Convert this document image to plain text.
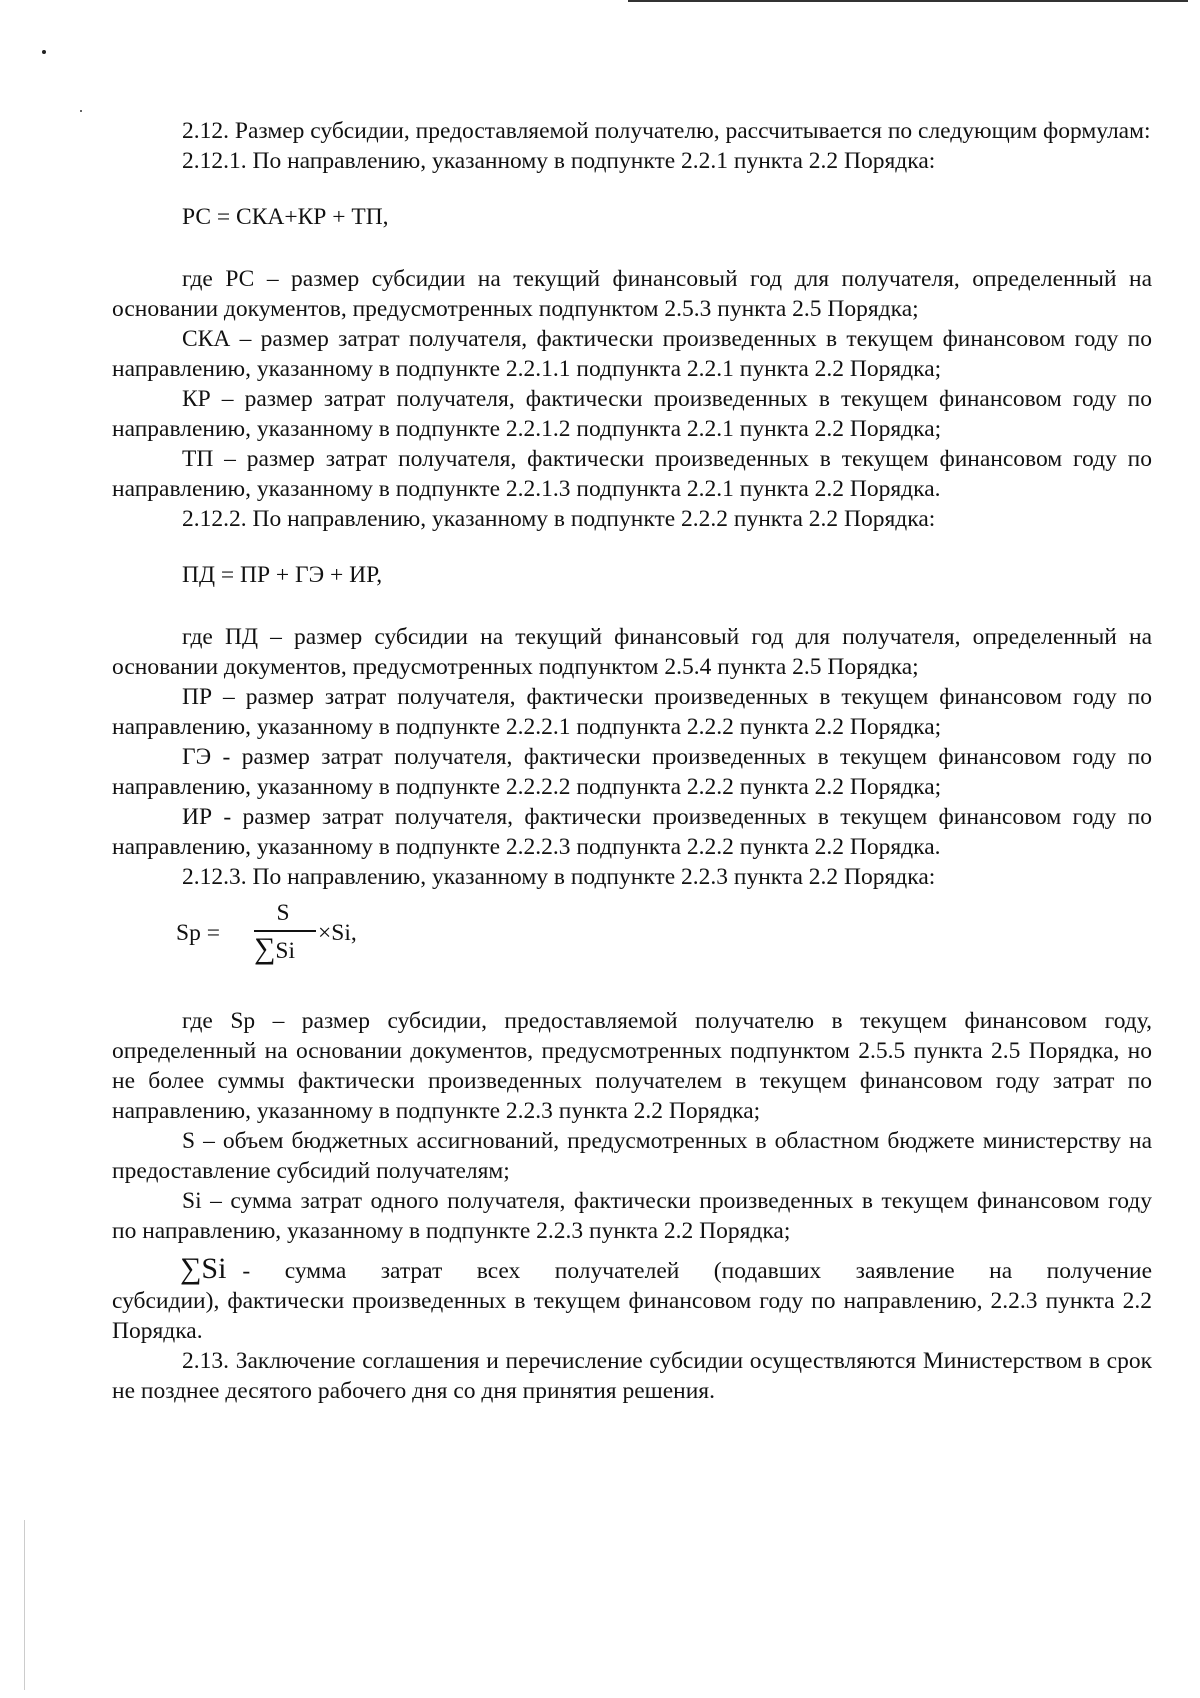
2.12. Размер субсидии, предоставляемой получателю, рассчитывается по следующим формулам:

2.12.1. По направлению, указанному в подпункте 2.2.1 пункта 2.2 Порядка:

РС = СКА+КР + ТП,

где РС – размер субсидии на текущий финансовый год для получателя, определенный на основании документов, предусмотренных подпунктом 2.5.3 пункта 2.5 Порядка;

СКА – размер затрат получателя, фактически произведенных в текущем финансовом году по направлению, указанному в подпункте 2.2.1.1 подпункта 2.2.1 пункта 2.2 Порядка;

КР – размер затрат получателя, фактически произведенных в текущем финансовом году по направлению, указанному в подпункте 2.2.1.2 подпункта 2.2.1 пункта 2.2 Порядка;

ТП – размер затрат получателя, фактически произведенных в текущем финансовом году по направлению, указанному в подпункте 2.2.1.3 подпункта 2.2.1 пункта 2.2 Порядка.

2.12.2. По направлению, указанному в подпункте 2.2.2 пункта 2.2 Порядка:

ПД = ПР + ГЭ + ИР,

где ПД – размер субсидии на текущий финансовый год для получателя, определенный на основании документов, предусмотренных подпунктом 2.5.4 пункта 2.5 Порядка;

ПР – размер затрат получателя, фактически произведенных в текущем финансовом году по направлению, указанному в подпункте 2.2.2.1 подпункта 2.2.2 пункта 2.2 Порядка;

ГЭ - размер затрат получателя, фактически произведенных в текущем финансовом году по направлению, указанному в подпункте 2.2.2.2 подпункта 2.2.2 пункта 2.2 Порядка;

ИР - размер затрат получателя, фактически произведенных в текущем финансовом году по направлению, указанному в подпункте 2.2.2.3 подпункта 2.2.2 пункта 2.2 Порядка.

2.12.3. По направлению, указанному в подпункте 2.2.3 пункта 2.2 Порядка:

Sp =
S
∑Si
×Si,

где Sp – размер субсидии, предоставляемой получателю в текущем финансовом году, определенный на основании документов, предусмотренных подпунктом 2.5.5 пункта 2.5 Порядка, но не более суммы фактически произведенных получателем в текущем финансовом году затрат по направлению, указанному в подпункте 2.2.3 пункта 2.2 Порядка;

S – объем бюджетных ассигнований, предусмотренных в областном бюджете министерству на предоставление субсидий получателям;

Si – сумма затрат одного получателя, фактически произведенных в текущем финансовом году по направлению, указанному в подпункте 2.2.3 пункта 2.2 Порядка;

∑Si - сумма затрат всех получателей (подавших заявление на получение

субсидии), фактически произведенных в текущем финансовом году по направлению, 2.2.3 пункта 2.2 Порядка.

2.13. Заключение соглашения и перечисление субсидии осуществляются Министерством в срок не позднее десятого рабочего дня со дня принятия решения.
